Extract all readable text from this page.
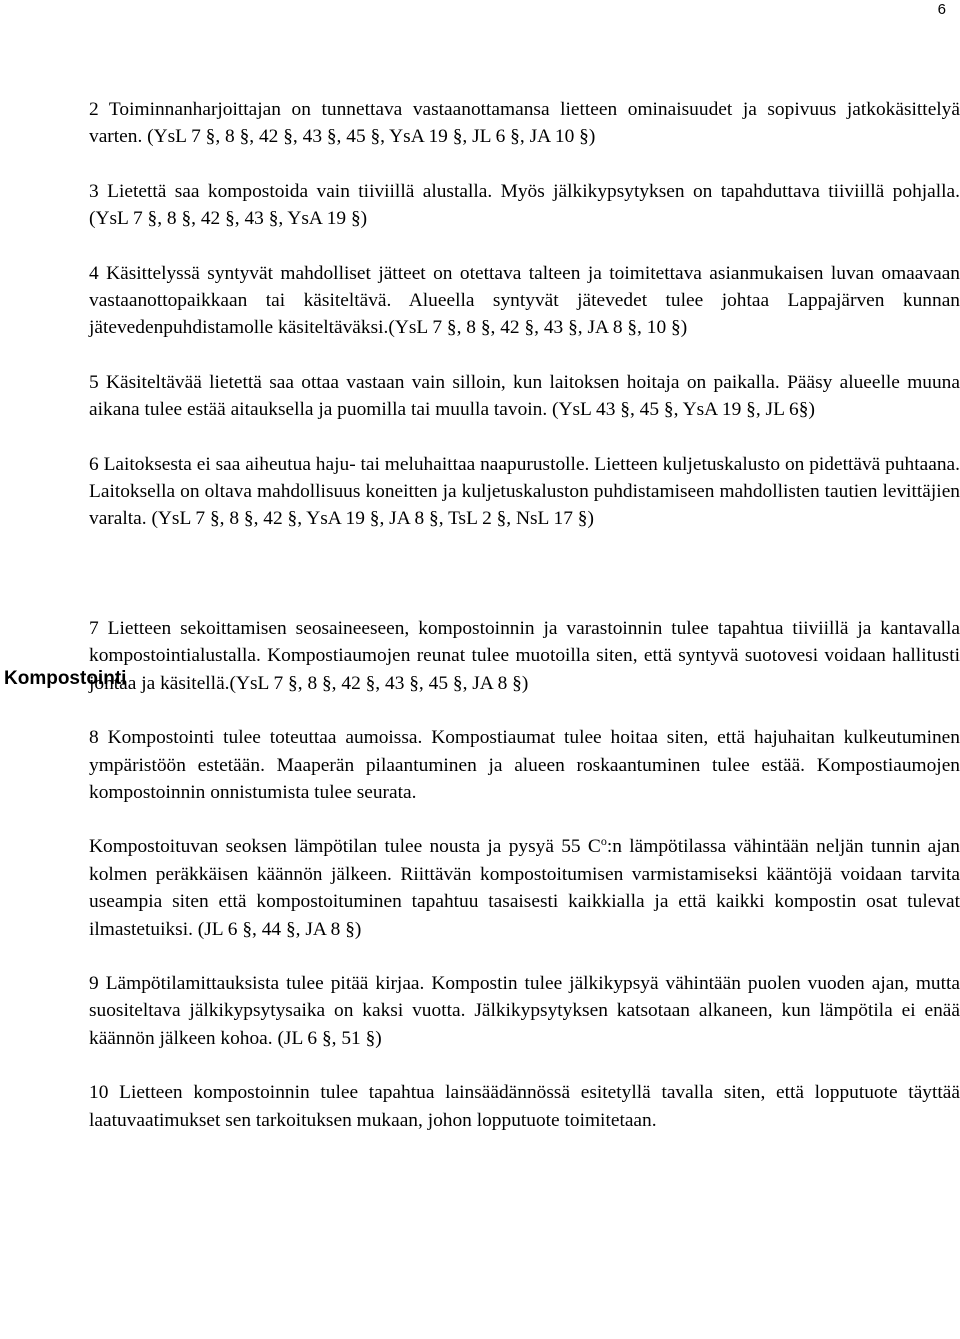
6
Kompostointi

2 Toiminnanharjoittajan on tunnettava vastaanottamansa lietteen ominaisuudet ja sopivuus jatkokäsittelyä varten. (YsL 7 §, 8 §, 42 §, 43 §, 45 §, YsA 19 §, JL 6 §, JA 10 §)

3 Lietettä saa kompostoida vain tiiviillä alustalla. Myös jälkikypsytyksen on tapahduttava tiiviillä pohjalla. (YsL 7 §, 8 §, 42 §, 43 §, YsA 19 §)

4 Käsittelyssä syntyvät mahdolliset jätteet on otettava talteen ja toimitettava asianmukaisen luvan omaavaan vastaanottopaikkaan tai käsiteltävä. Alueella syntyvät jätevedet tulee johtaa Lappajärven kunnan jätevedenpuhdistamolle käsiteltäväksi.(YsL 7 §, 8 §, 42 §, 43 §, JA 8 §, 10 §)

5 Käsiteltävää lietettä saa ottaa vastaan vain silloin, kun laitoksen hoitaja on paikalla. Pääsy alueelle muuna aikana tulee estää aitauksella ja puomilla tai muulla tavoin. (YsL 43 §, 45 §, YsA 19 §, JL 6§)

6 Laitoksesta ei saa aiheutua haju- tai meluhaittaa naapurustolle. Lietteen kuljetuskalusto on pidettävä puhtaana. Laitoksella on oltava mahdollisuus koneitten ja kuljetuskaluston puhdistamiseen mahdollisten tautien levittäjien varalta. (YsL 7 §, 8 §, 42 §, YsA 19 §, JA 8 §, TsL 2 §, NsL 17 §)

7 Lietteen sekoittamisen seosaineeseen, kompostoinnin ja varastoinnin tulee tapahtua tiiviillä ja kantavalla kompostointialustalla. Kompostiaumojen reunat tulee muotoilla siten, että syntyvä suotovesi voidaan hallitusti johtaa ja käsitellä.(YsL 7 §, 8 §, 42 §, 43 §, 45 §, JA 8 §)

8 Kompostointi tulee toteuttaa aumoissa. Kompostiaumat tulee hoitaa siten, että hajuhaitan kulkeutuminen ympäristöön estetään. Maaperän pilaantuminen ja alueen roskaantuminen tulee estää. Kompostiaumojen kompostoinnin onnistumista tulee seurata.

Kompostoituvan seoksen lämpötilan tulee nousta ja pysyä 55 $C^o:n$ lämpötilassa vähintään neljän tunnin ajan kolmen peräkkäisen käännön jälkeen. Riittävän kompostoitumisen varmistamiseksi kääntöjä voidaan tarvita useampia siten että kompostoituminen tapahtuu tasaisesti kaikkialla ja että kaikki kompostin osat tulevat ilmastetuiksi. (JL 6 §, 44 §, JA 8 §)

9 Lämpötilamittauksista tulee pitää kirjaa. Kompostin tulee jälkikypsyä vähintään puolen vuoden ajan, mutta suositeltava jälkikypsytysaika on kaksi vuotta. Jälkikypsytyksen katsotaan alkaneen, kun lämpötila ei enää käännön jälkeen kohoa. (JL 6 §, 51 §)

10 Lietteen kompostoinnin tulee tapahtua lainsäädännössä esitetyllä tavalla siten, että lopputuote täyttää laatuvaatimukset sen tarkoituksen mukaan, johon lopputuote toimitetaan.
